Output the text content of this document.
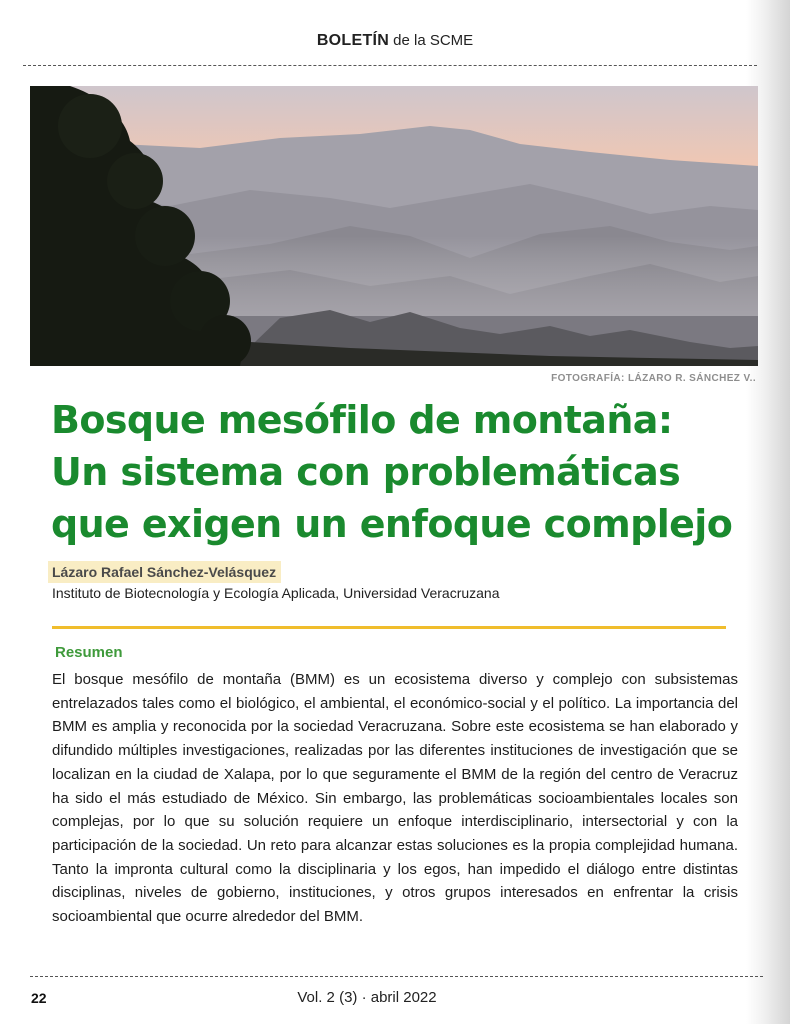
BOLETÍN de la SCME
FOTOGRAFÍA: LÁZARO R. SÁNCHEZ V..
Bosque mesófilo de montaña:
Un sistema con problemáticas
que exigen un enfoque complejo
Lázaro Rafael Sánchez-Velásquez
Instituto de Biotecnología y Ecología Aplicada, Universidad Veracruzana
Resumen

El bosque mesófilo de montaña (BMM) es un ecosistema diverso y complejo con subsistemas entrelazados tales como el biológico, el ambiental, el económico-social y el político. La importancia del BMM es amplia y reconocida por la sociedad Veracruzana. Sobre este ecosistema se han elaborado y difundido múltiples investigaciones, realizadas por las diferentes instituciones de investigación que se localizan en la ciudad de Xalapa, por lo que seguramente el BMM de la región del centro de Veracruz ha sido el más estudiado de México. Sin embargo, las problemáticas socioambientales locales son complejas, por lo que su solución requiere un enfoque interdisciplinario, intersectorial y con la participación de la sociedad. Un reto para alcanzar estas soluciones es la propia complejidad humana. Tanto la impronta cultural como la disciplinaria y los egos, han impedido el diálogo entre distintas disciplinas, niveles de gobierno, instituciones, y otros grupos interesados en enfrentar la crisis socioambiental que ocurre alrededor del BMM.

22	Vol. 2 (3) · abril 2022
